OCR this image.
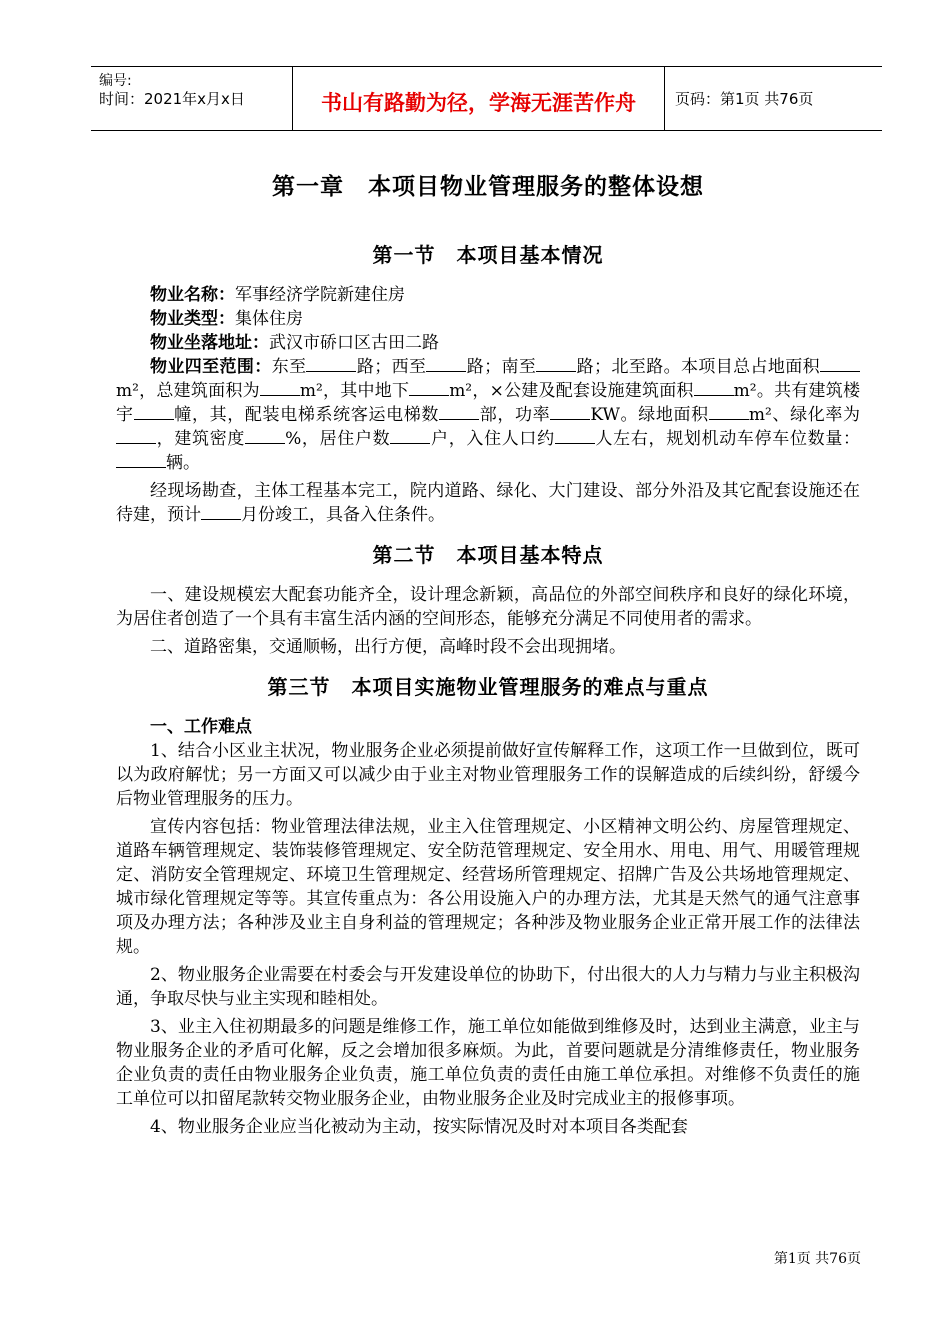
编号:
时间：2021年x月x日	书山有路勤为径，学海无涯苦作舟	页码：第1页 共76页
第一章　本项目物业管理服务的整体设想
第一节　本项目基本情况

物业名称：军事经济学院新建住房

物业类型：集体住房

物业坐落地址：武汉市硚口区古田二路

物业四至范围：东至	路；西至 路；南至 路；北至路。本项目总占地面积m²，总建筑面积为 m²，其中地下 m²，×公建及配套设施建筑面积 m²。共有建筑楼宇 幢，其，配装电梯系统客运电梯数 部，功率 KW。绿地面积 m²、绿化率为，建筑密度 %，居住户数 户，入住人口约 人左右，规划机动车停车位数量：辆。

经现场勘查，主体工程基本完工，院内道路、绿化、大门建设、部分外沿及其它配套设施还在待建，预计 月份竣工，具备入住条件。

第二节　本项目基本特点

一、建设规模宏大配套功能齐全，设计理念新颖，高品位的外部空间秩序和良好的绿化环境，为居住者创造了一个具有丰富生活内涵的空间形态，能够充分满足不同使用者的需求。

二、道路密集，交通顺畅，出行方便，高峰时段不会出现拥堵。

第三节　本项目实施物业管理服务的难点与重点
一、工作难点

1、结合小区业主状况，物业服务企业必须提前做好宣传解释工作，这项工作一旦做到位，既可以为政府解忧；另一方面又可以减少由于业主对物业管理服务工作的误解造成的后续纠纷，舒缓今后物业管理服务的压力。

宣传内容包括：物业管理法律法规，业主入住管理规定、小区精神文明公约、房屋管理规定、道路车辆管理规定、装饰装修管理规定、安全防范管理规定、安全用水、用电、用气、用暖管理规定、消防安全管理规定、环境卫生管理规定、经营场所管理规定、招牌广告及公共场地管理规定、城市绿化管理规定等等。其宣传重点为：各公用设施入户的办理方法，尤其是天然气的通气注意事项及办理方法；各种涉及业主自身利益的管理规定；各种涉及物业服务企业正常开展工作的法律法规。

2、物业服务企业需要在村委会与开发建设单位的协助下，付出很大的人力与精力与业主积极沟通，争取尽快与业主实现和睦相处。

3、业主入住初期最多的问题是维修工作，施工单位如能做到维修及时，达到业主满意，业主与物业服务企业的矛盾可化解，反之会增加很多麻烦。为此，首要问题就是分清维修责任，物业服务企业负责的责任由物业服务企业负责，施工单位负责的责任由施工单位承担。对维修不负责任的施工单位可以扣留尾款转交物业服务企业，由物业服务企业及时完成业主的报修事项。

4、物业服务企业应当化被动为主动，按实际情况及时对本项目各类配套

第1页 共76页
